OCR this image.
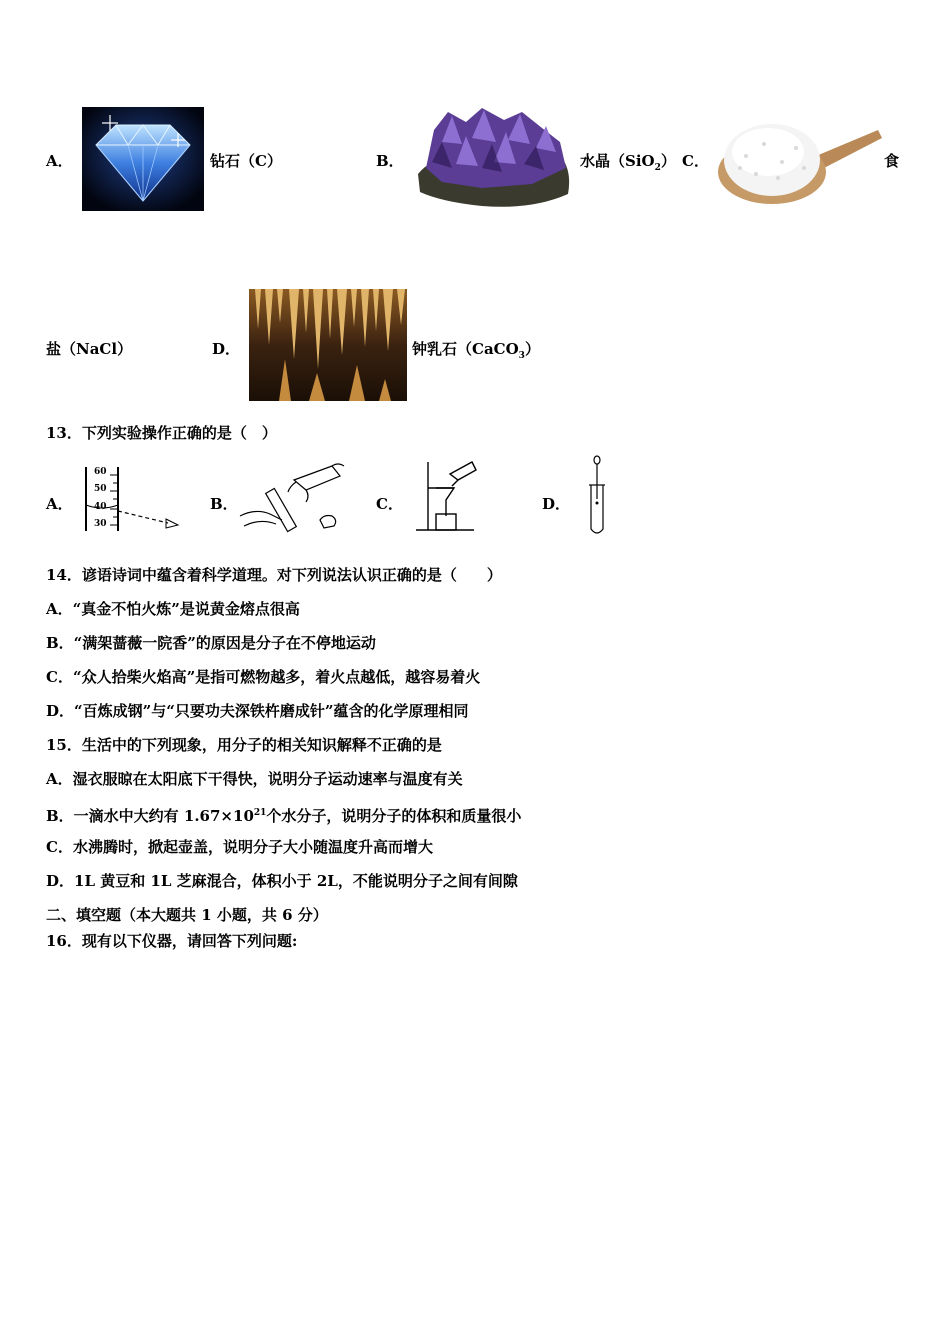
A．	钻石（C）	B．	水晶（SiO$_2$） C．	食
盐（NaCl）	D．	钟乳石（CaCO$_3$）
13．下列实验操作正确的是（　）
A．
60
50
40
30
B．	C．	D．
14．谚语诗词中蕴含着科学道理。对下列说法认识正确的是（　　）
A．“真金不怕火炼”是说黄金熔点很高
B．“满架蔷薇一院香”的原因是分子在不停地运动
C．“众人拾柴火焰高”是指可燃物越多，着火点越低，越容易着火
D．“百炼成钢”与“只要功夫深铁杵磨成针”蕴含的化学原理相同
15．生活中的下列现象，用分子的相关知识解释不正确的是
A．湿衣服晾在太阳底下干得快，说明分子运动速率与温度有关
B．一滴水中大约有 $1.67\times 10^{21}$个水分子，说明分子的体积和质量很小
C．水沸腾时，掀起壶盖，说明分子大小随温度升高而增大
D．1L 黄豆和 1L 芝麻混合，体积小于 2L，不能说明分子之间有间隙
二、填空题（本大题共 1 小题，共 6 分）
16．现有以下仪器，请回答下列问题:
